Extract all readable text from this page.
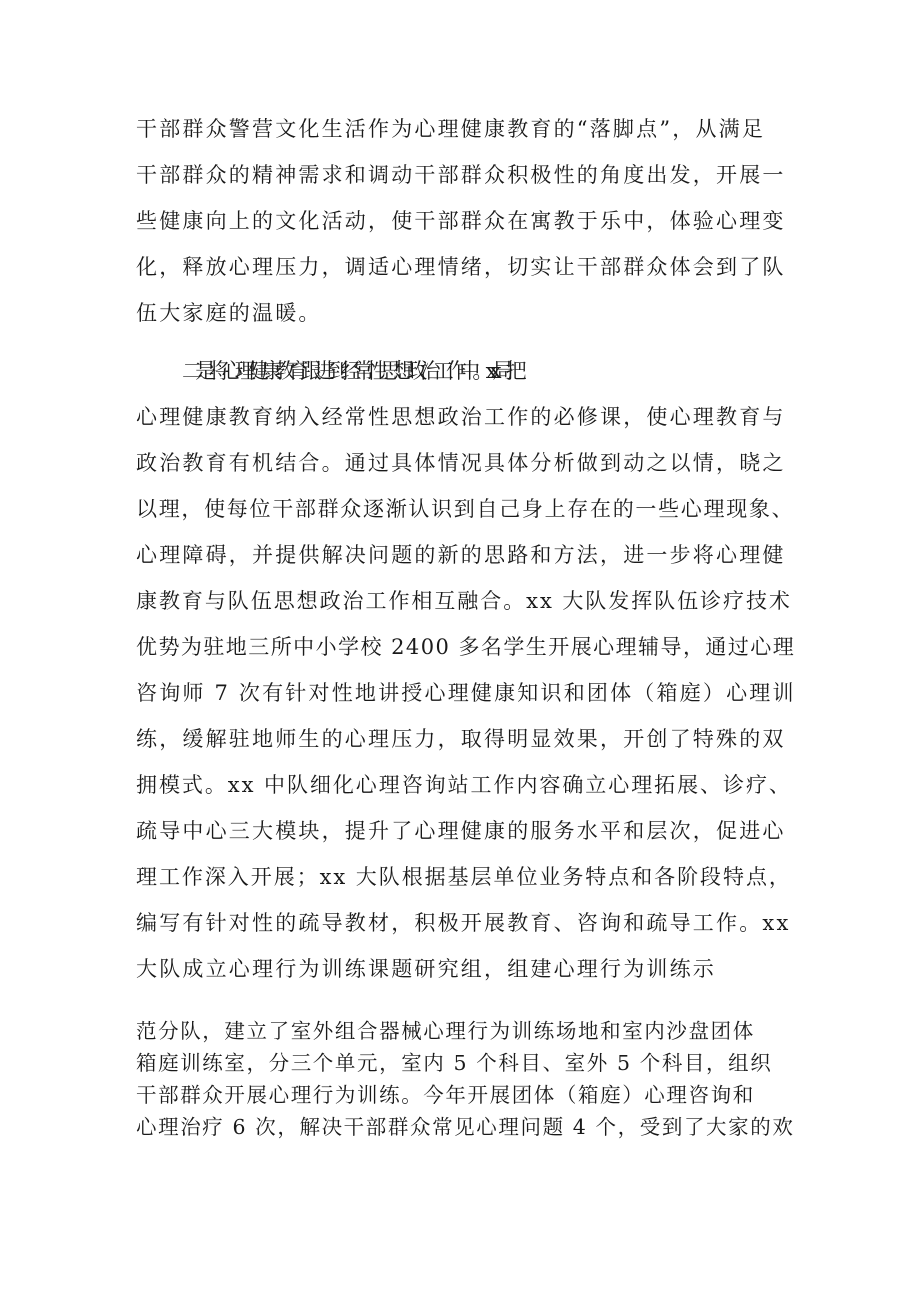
干部群众警营文化生活作为心理健康教育的“落脚点”，从满足

干部群众的精神需求和调动干部群众积极性的角度出发，开展一

些健康向上的文化活动，使干部群众在寓教于乐中，体验心理变

化，释放心理压力，调适心理情绪，切实让干部群众体会到了队

伍大家庭的温暖。

二是将心理健康教育跟进到经常性思想政治工作中。xx 局把

心理健康教育纳入经常性思想政治工作的必修课，使心理教育与

政治教育有机结合。通过具体情况具体分析做到动之以情，晓之

以理，使每位干部群众逐渐认识到自己身上存在的一些心理现象、

心理障碍，并提供解决问题的新的思路和方法，进一步将心理健

康教育与队伍思想政治工作相互融合。xx 大队发挥队伍诊疗技术

优势为驻地三所中小学校 2400 多名学生开展心理辅导，通过心理

咨询师 7 次有针对性地讲授心理健康知识和团体（箱庭）心理训

练，缓解驻地师生的心理压力，取得明显效果，开创了特殊的双

拥模式。xx 中队细化心理咨询站工作内容确立心理拓展、诊疗、

疏导中心三大模块，提升了心理健康的服务水平和层次，促进心

理工作深入开展；xx 大队根据基层单位业务特点和各阶段特点，

编写有针对性的疏导教材，积极开展教育、咨询和疏导工作。xx

大队成立心理行为训练课题研究组，组建心理行为训练示

范分队，建立了室外组合器械心理行为训练场地和室内沙盘团体

箱庭训练室，分三个单元，室内 5 个科目、室外 5 个科目，组织

干部群众开展心理行为训练。今年开展团体（箱庭）心理咨询和

心理治疗 6 次，解决干部群众常见心理问题 4 个，受到了大家的欢
